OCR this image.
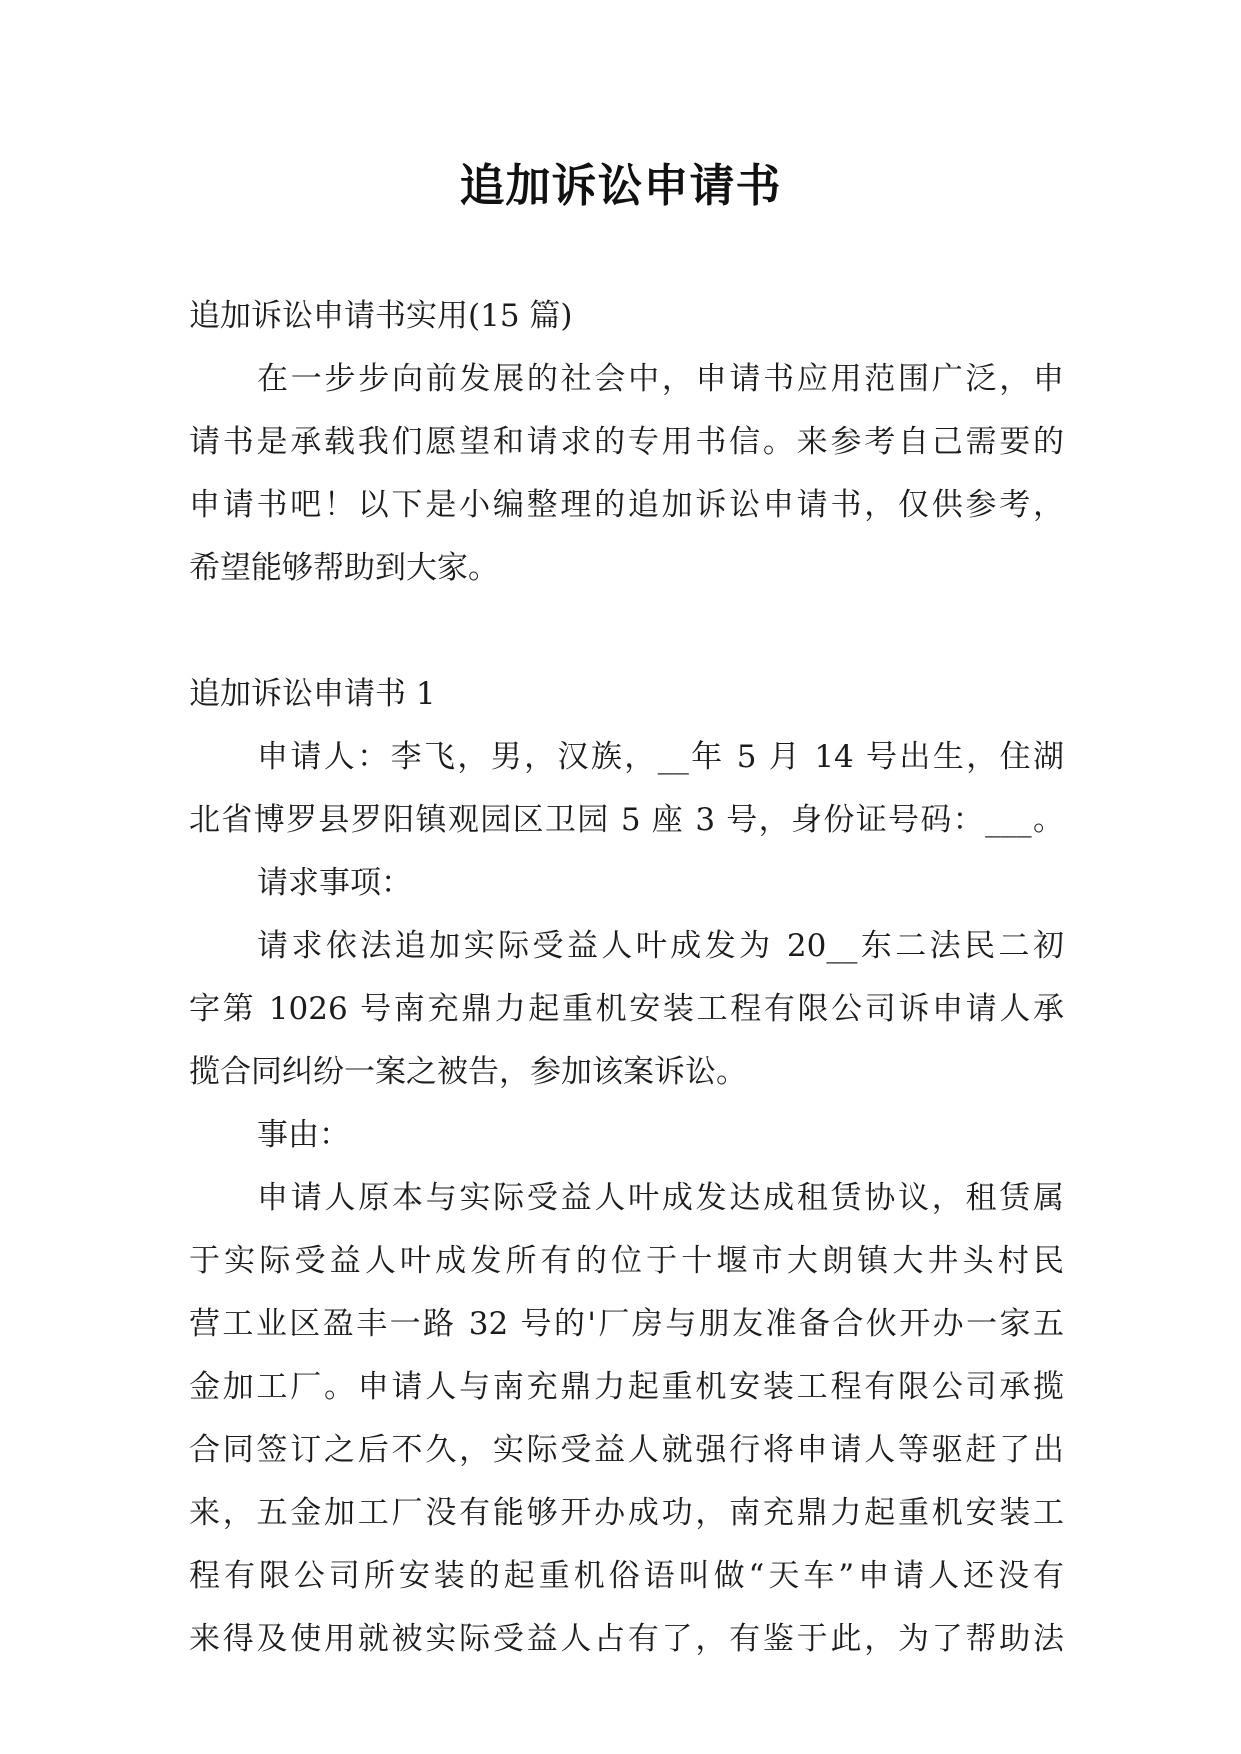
追加诉讼申请书
追加诉讼申请书实用(15 篇)
在一步步向前发展的社会中，申请书应用范围广泛，申
请书是承载我们愿望和请求的专用书信。来参考自己需要的
申请书吧！以下是小编整理的追加诉讼申请书，仅供参考，
希望能够帮助到大家。
追加诉讼申请书 1
申请人：李飞，男，汉族，__年 5 月 14 号出生，住湖
北省博罗县罗阳镇观园区卫园 5 座 3 号，身份证号码：___。
请求事项：
请求依法追加实际受益人叶成发为 20__东二法民二初
字第 1026 号南充鼎力起重机安装工程有限公司诉申请人承
揽合同纠纷一案之被告，参加该案诉讼。
事由：
申请人原本与实际受益人叶成发达成租赁协议，租赁属
于实际受益人叶成发所有的位于十堰市大朗镇大井头村民
营工业区盈丰一路 32 号的'厂房与朋友准备合伙开办一家五
金加工厂。申请人与南充鼎力起重机安装工程有限公司承揽
合同签订之后不久，实际受益人就强行将申请人等驱赶了出
来，五金加工厂没有能够开办成功，南充鼎力起重机安装工
程有限公司所安装的起重机俗语叫做“天车”申请人还没有
来得及使用就被实际受益人占有了，有鉴于此，为了帮助法
